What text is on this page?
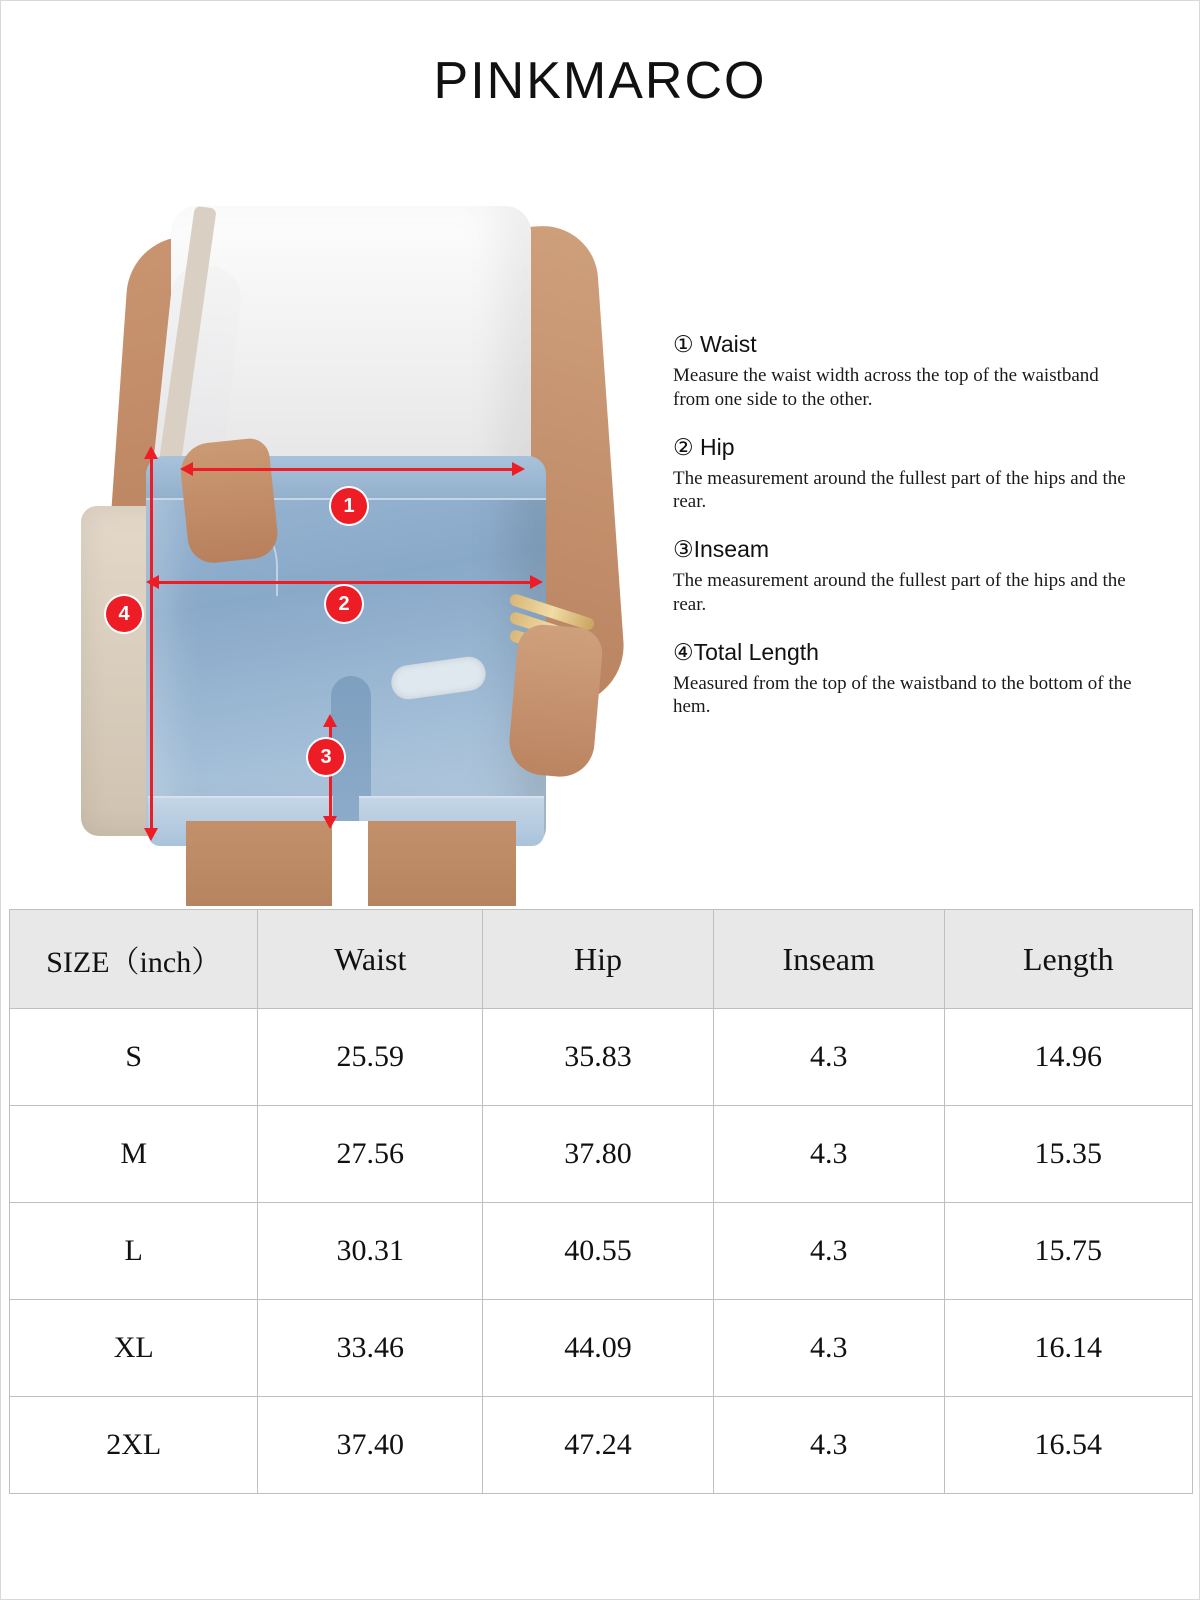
PINKMARCO
1
2
3
4
① Waist
Measure the waist width across the top of the waistband from one side to the other.
② Hip
The measurement around the fullest part of the hips and the rear.
③Inseam
The measurement around the fullest part of the hips and the rear.
④Total Length
Measured from the top of the waistband to the bottom of the hem.
SIZE（inch）	Waist	Hip	Inseam	Length
S	25.59	35.83	4.3	14.96
M	27.56	37.80	4.3	15.35
L	30.31	40.55	4.3	15.75
XL	33.46	44.09	4.3	16.14
2XL	37.40	47.24	4.3	16.54
